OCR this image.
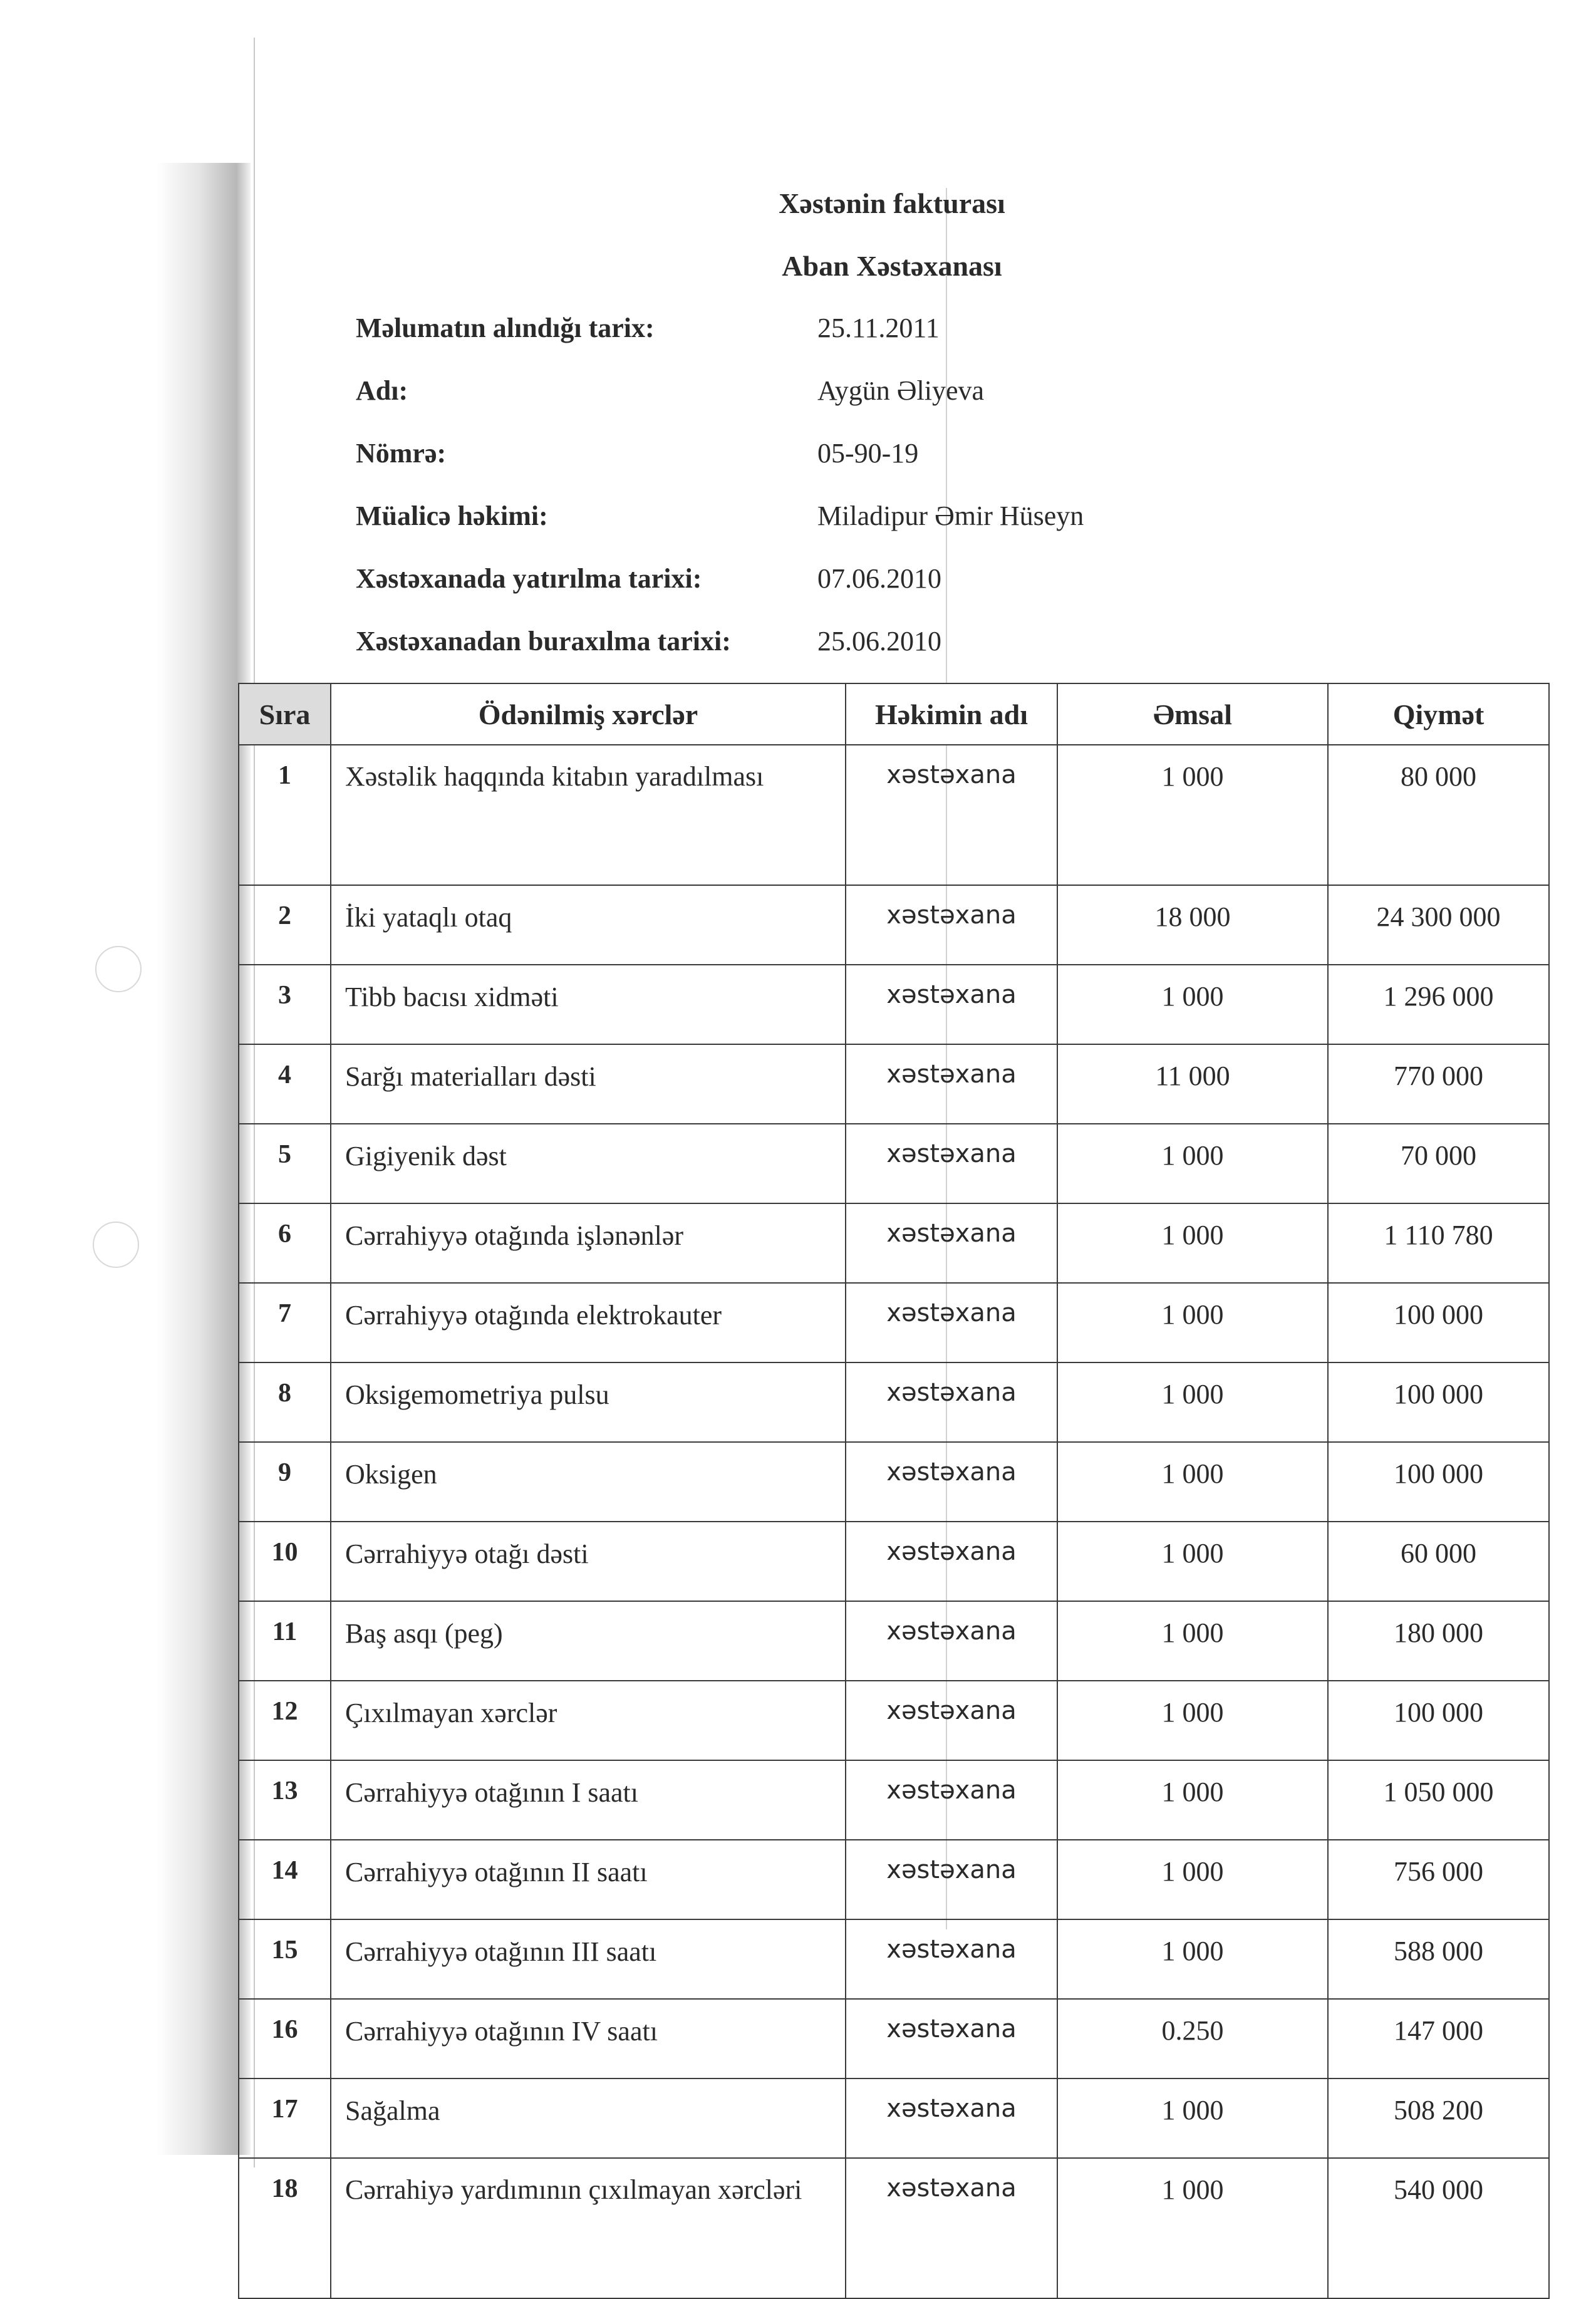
Xəstənin fakturası
Aban Xəstəxanası
Məlumatın alındığı tarix:	25.11.2011
Adı:	Aygün Əliyeva
Nömrə:	05-90-19
Müalicə həkimi:	Miladipur Əmir Hüseyn
Xəstəxanada yatırılma tarixi:	07.06.2010
Xəstəxanadan buraxılma tarixi:	25.06.2010
Sıra	Ödənilmiş xərclər	Həkimin adı	Əmsal	Qiymət
1	Xəstəlik haqqında kitabın yaradılması	xəstəxana	1 000	80 000
2	İki yataqlı otaq	xəstəxana	18 000	24 300 000
3	Tibb bacısı xidməti	xəstəxana	1 000	1 296 000
4	Sarğı materialları dəsti	xəstəxana	11 000	770 000
5	Gigiyenik dəst	xəstəxana	1 000	70 000
6	Cərrahiyyə otağında işlənənlər	xəstəxana	1 000	1 110 780
7	Cərrahiyyə otağında elektrokauter	xəstəxana	1 000	100 000
8	Oksigemometriya pulsu	xəstəxana	1 000	100 000
9	Oksigen	xəstəxana	1 000	100 000
10	Cərrahiyyə otağı dəsti	xəstəxana	1 000	60 000
11	Baş asqı (peg)	xəstəxana	1 000	180 000
12	Çıxılmayan xərclər	xəstəxana	1 000	100 000
13	Cərrahiyyə otağının I saatı	xəstəxana	1 000	1 050 000
14	Cərrahiyyə otağının II saatı	xəstəxana	1 000	756 000
15	Cərrahiyyə otağının III saatı	xəstəxana	1 000	588 000
16	Cərrahiyyə otağının IV saatı	xəstəxana	0.250	147 000
17	Sağalma	xəstəxana	1 000	508 200
18	Cərrahiyə yardımının çıxılmayan xərcləri	xəstəxana	1 000	540 000
